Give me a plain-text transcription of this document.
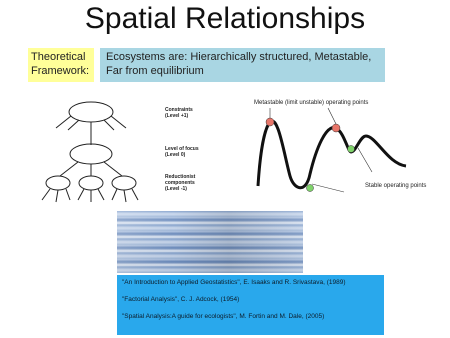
Spatial Relationships
Theoretical Framework:
Ecosystems are: Hierarchically structured, Metastable, Far from equilibrium
Constraints
(Level +1)
Level of focus
(Level 0)
Reductionist
components
(Level -1)
Metastable (limit unstable) operating points
Stable operating points
"An Introduction to Applied Geostatistics", E. Isaaks and R. Srivastava, (1989)
"Factorial Analysis", C. J. Adcock, (1954)
"Spatial Analysis:A guide for ecologists", M. Fortin and M. Dale, (2005)
